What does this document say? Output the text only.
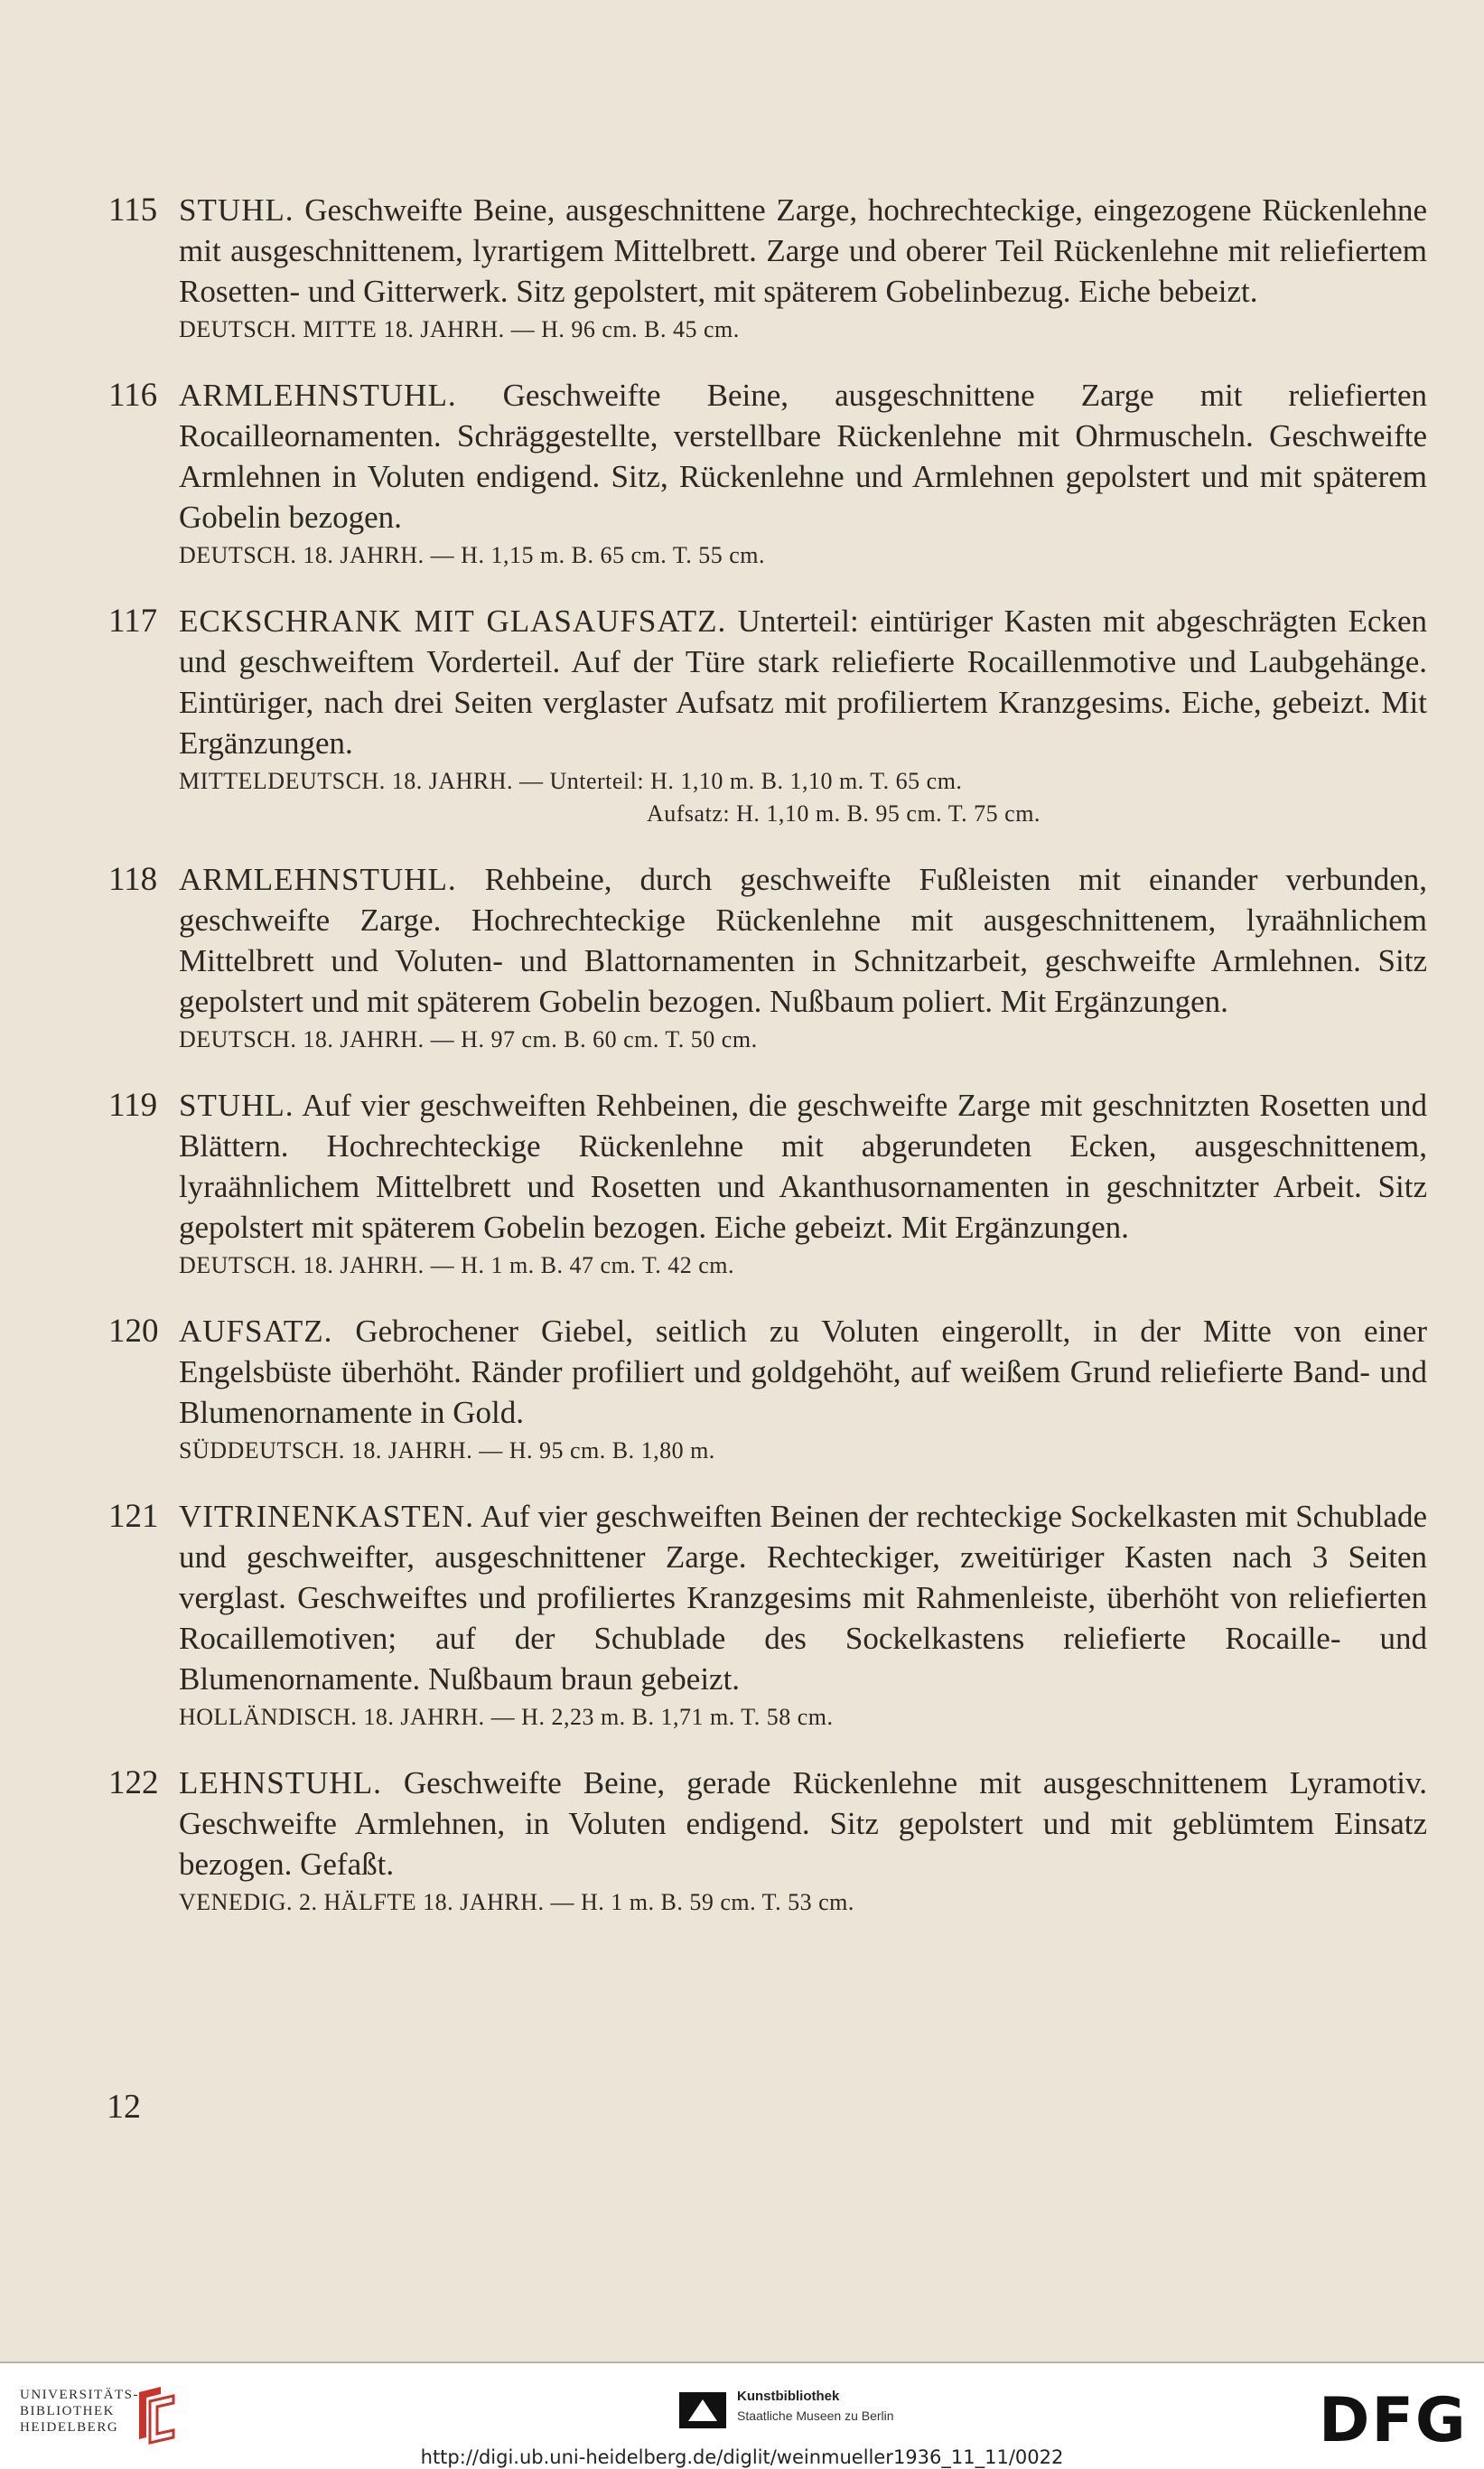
115 STUHL. Geschweifte Beine, ausgeschnittene Zarge, hochrechteckige, eingezogene Rückenlehne mit ausgeschnittenem, lyrartigem Mittelbrett. Zarge und oberer Teil Rückenlehne mit reliefiertem Rosetten- und Gitterwerk. Sitz gepolstert, mit späterem Gobelinbezug. Eiche bebeizt.
DEUTSCH. MITTE 18. JAHRH. — H. 96 cm. B. 45 cm.
116 ARMLEHNSTUHL. Geschweifte Beine, ausgeschnittene Zarge mit reliefierten Rocailleornamenten. Schräggestellte, verstellbare Rückenlehne mit Ohrmuscheln. Geschweifte Armlehnen in Voluten endigend. Sitz, Rückenlehne und Armlehnen gepolstert und mit späterem Gobelin bezogen.
DEUTSCH. 18. JAHRH. — H. 1,15 m. B. 65 cm. T. 55 cm.
117 ECKSCHRANK MIT GLASAUFSATZ. Unterteil: eintüriger Kasten mit abgeschrägten Ecken und geschweiftem Vorderteil. Auf der Türe stark reliefierte Rocaillenmotive und Laubgehänge. Eintüriger, nach drei Seiten verglaster Aufsatz mit profiliertem Kranzgesims. Eiche, gebeizt. Mit Ergänzungen.
MITTELDEUTSCH. 18. JAHRH. — Unterteil: H. 1,10 m. B. 1,10 m. T. 65 cm.
Aufsatz: H. 1,10 m. B. 95 cm. T. 75 cm.
118 ARMLEHNSTUHL. Rehbeine, durch geschweifte Fußleisten mit einander verbunden, geschweifte Zarge. Hochrechteckige Rückenlehne mit ausgeschnittenem, lyraähnlichem Mittelbrett und Voluten- und Blattornamenten in Schnitzarbeit, geschweifte Armlehnen. Sitz gepolstert und mit späterem Gobelin bezogen. Nußbaum poliert. Mit Ergänzungen.
DEUTSCH. 18. JAHRH. — H. 97 cm. B. 60 cm. T. 50 cm.
119 STUHL. Auf vier geschweiften Rehbeinen, die geschweifte Zarge mit geschnitzten Rosetten und Blättern. Hochrechteckige Rückenlehne mit abgerundeten Ecken, ausgeschnittenem, lyraähnlichem Mittelbrett und Rosetten und Akanthusornamenten in geschnitzter Arbeit. Sitz gepolstert mit späterem Gobelin bezogen. Eiche gebeizt. Mit Ergänzungen.
DEUTSCH. 18. JAHRH. — H. 1 m. B. 47 cm. T. 42 cm.
120 AUFSATZ. Gebrochener Giebel, seitlich zu Voluten eingerollt, in der Mitte von einer Engelsbüste überhöht. Ränder profiliert und goldgehöht, auf weißem Grund reliefierte Band- und Blumenornamente in Gold.
SÜDDEUTSCH. 18. JAHRH. — H. 95 cm. B. 1,80 m.
121 VITRINENKASTEN. Auf vier geschweiften Beinen der rechteckige Sockelkasten mit Schublade und geschweifter, ausgeschnittener Zarge. Rechteckiger, zweitüriger Kasten nach 3 Seiten verglast. Geschweiftes und profiliertes Kranzgesims mit Rahmenleiste, überhöht von reliefierten Rocaillemotiven; auf der Schublade des Sockelkastens reliefierte Rocaille- und Blumenornamente. Nußbaum braun gebeizt.
HOLLÄNDISCH. 18. JAHRH. — H. 2,23 m. B. 1,71 m. T. 58 cm.
122 LEHNSTUHL. Geschweifte Beine, gerade Rückenlehne mit ausgeschnittenem Lyramotiv. Geschweifte Armlehnen, in Voluten endigend. Sitz gepolstert und mit geblümtem Einsatz bezogen. Gefaßt.
VENEDIG. 2. HÄLFTE 18. JAHRH. — H. 1 m. B. 59 cm. T. 53 cm.
12
UNIVERSITÄTS-
BIBLIOTHEK
HEIDELBERG
Kunstbibliothek
Staatliche Museen zu Berlin	DFG
http://digi.ub.uni-heidelberg.de/diglit/weinmueller1936_11_11/0022
